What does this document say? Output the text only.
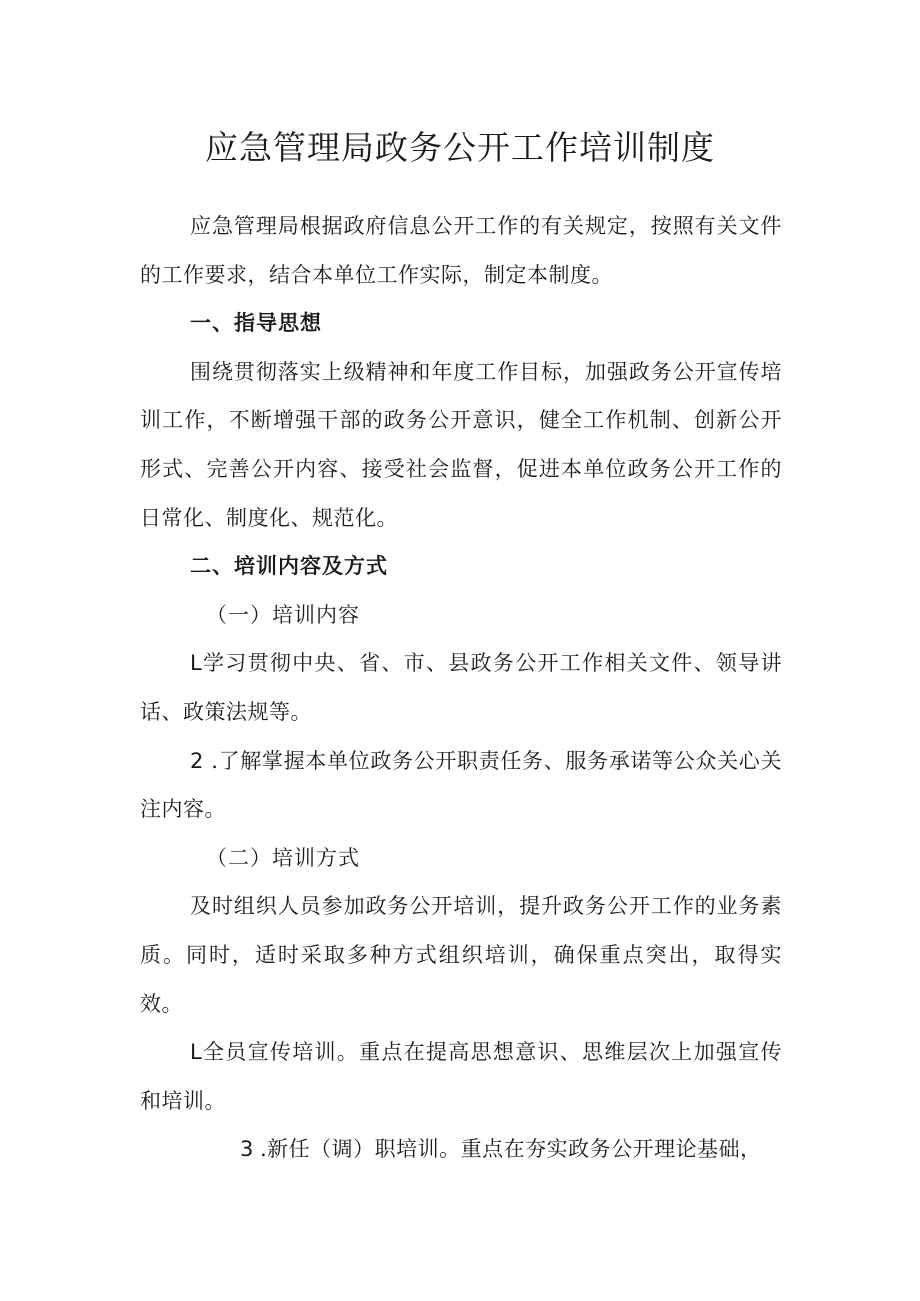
应急管理局政务公开工作培训制度

应急管理局根据政府信息公开工作的有关规定，按照有关文件的工作要求，结合本单位工作实际，制定本制度。

一、指导思想

围绕贯彻落实上级精神和年度工作目标，加强政务公开宣传培训工作，不断增强干部的政务公开意识，健全工作机制、创新公开形式、完善公开内容、接受社会监督，促进本单位政务公开工作的日常化、制度化、规范化。

二、培训内容及方式

（一）培训内容

L学习贯彻中央、省、市、县政务公开工作相关文件、领导讲话、政策法规等。

2 .了解掌握本单位政务公开职责任务、服务承诺等公众关心关注内容。

（二）培训方式

及时组织人员参加政务公开培训，提升政务公开工作的业务素质。同时，适时采取多种方式组织培训，确保重点突出，取得实效。

L全员宣传培训。重点在提高思想意识、思维层次上加强宣传和培训。

3 .新任（调）职培训。重点在夯实政务公开理论基础，
